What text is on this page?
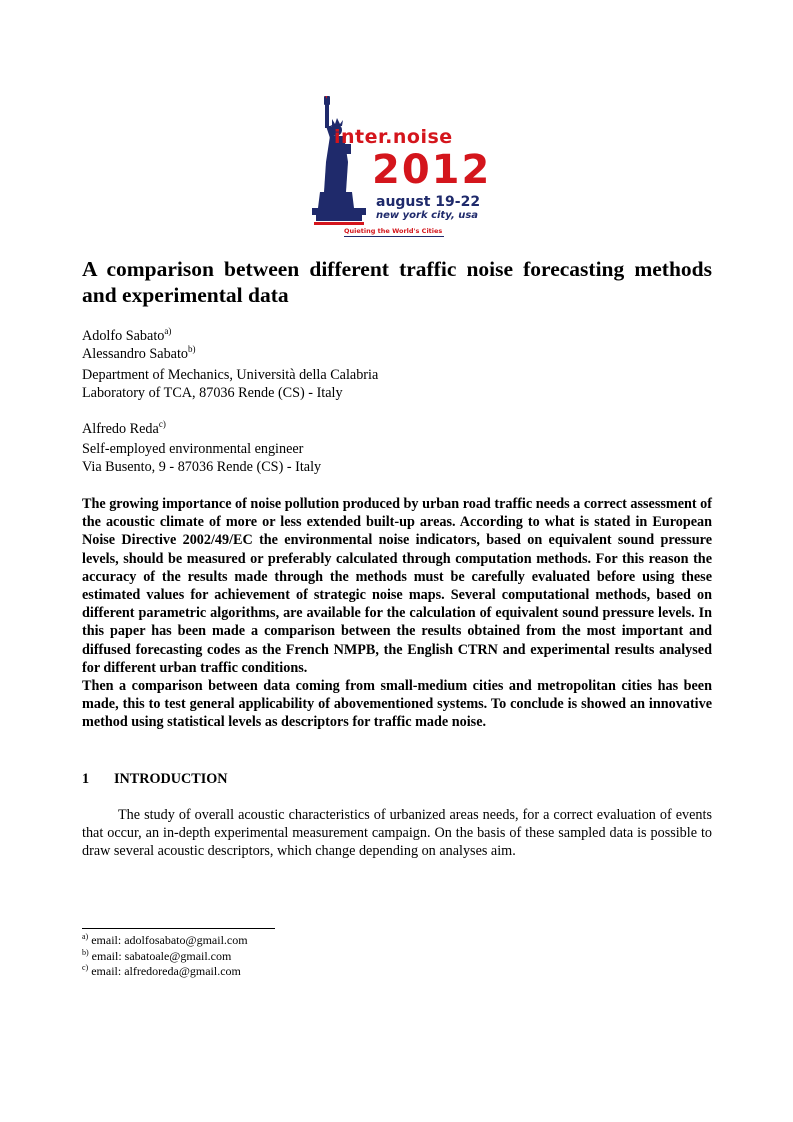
inter.noise
2012
august 19-22
new york city, usa
Quieting the World's Cities
A comparison between different traffic noise forecasting methods and experimental data
Adolfo Sabato$^{a)}$
Alessandro Sabato$^{b)}$
Department of Mechanics, Università della Calabria
Laboratory of TCA, 87036 Rende (CS) - Italy
Alfredo Reda$^{c)}$
Self-employed environmental engineer
Via Busento, 9 - 87036 Rende (CS) - Italy

The growing importance of noise pollution produced by urban road traffic needs a correct assessment of the acoustic climate of more or less extended built-up areas. According to what is stated in European Noise Directive 2002/49/EC the environmental noise indicators, based on equivalent sound pressure levels, should be measured or preferably calculated through computation methods. For this reason the accuracy of the results made through the methods must be carefully evaluated before using these estimated values for achievement of strategic noise maps. Several computational methods, based on different parametric algorithms, are available for the calculation of equivalent sound pressure levels. In this paper has been made a comparison between the results obtained from the most important and diffused forecasting codes as the French NMPB, the English CTRN and experimental results analysed for different urban traffic conditions.

Then a comparison between data coming from small-medium cities and metropolitan cities has been made, this to test general applicability of abovementioned systems. To conclude is showed an innovative method using statistical levels as descriptors for traffic made noise.

1 INTRODUCTION

The study of overall acoustic characteristics of urbanized areas needs, for a correct evaluation of events that occur, an in-depth experimental measurement campaign. On the basis of these sampled data is possible to draw several acoustic descriptors, which change depending on analyses aim.

$^{a)}$ email: adolfosabato@gmail.com
$^{b)}$ email: sabatoale@gmail.com
$^{c)}$ email: alfredoreda@gmail.com
